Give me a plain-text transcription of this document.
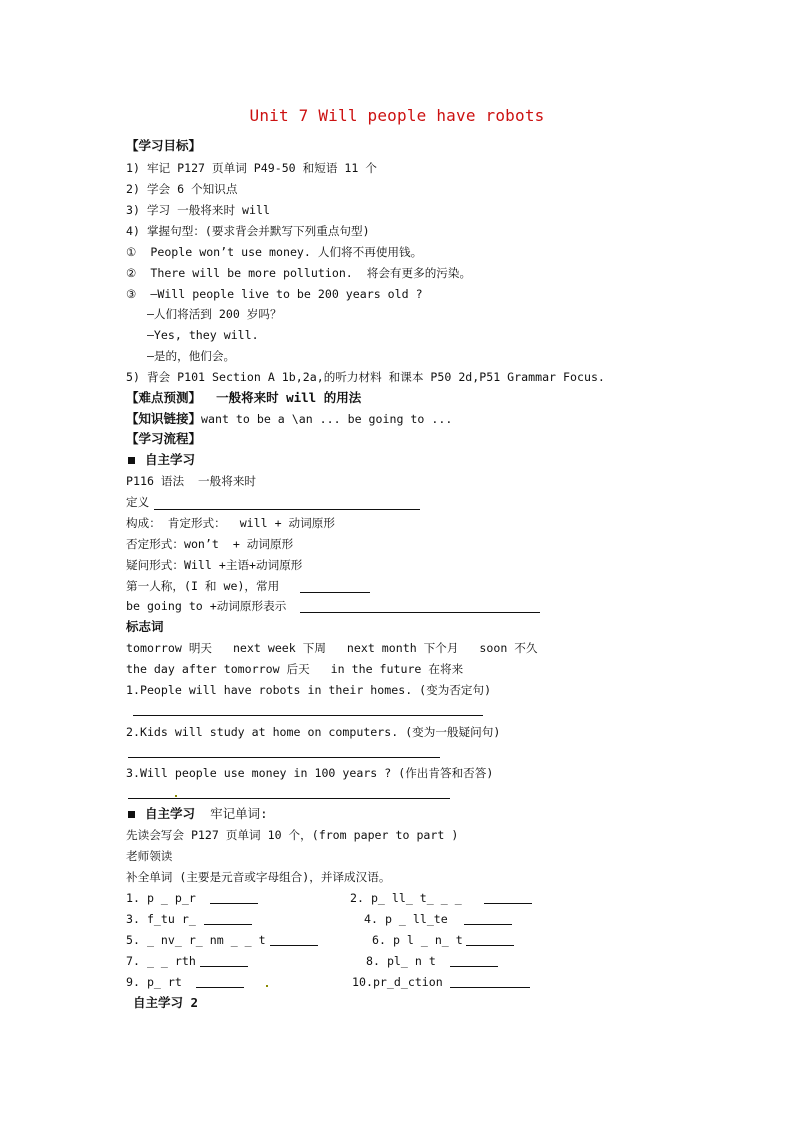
Unit 7 Will people have robots
【学习目标】
1) 牢记 P127 页单词 P49-50 和短语 11 个
2) 学会 6 个知识点
3) 学习 一般将来时 will
4) 掌握句型：(要求背会并默写下列重点句型)
①  People won’t use money. 人们将不再使用钱。
②  There will be more pollution.  将会有更多的污染。
③  —Will people live to be 200 years old ?
—人们将活到 200 岁吗？
—Yes, they will.
—是的，他们会。
5) 背会 P101 Section A 1b,2a,的听力材料 和课本 P50 2d,P51 Grammar Focus.
【难点预测】  一般将来时 will 的用法
【知识链接】want to be a \an ... be going to ...
【学习流程】
自主学习
P116 语法  一般将来时
定义
构成： 肯定形式：  will + 动词原形
否定形式：won’t  + 动词原形
疑问形式：Will +主语+动词原形
第一人称，(I 和 we)，常用
be going to +动词原形表示
标志词
tomorrow 明天   next week 下周   next month 下个月   soon 不久
the day after tomorrow 后天   in the future 在将来
1.People will have robots in their homes. (变为否定句)
2.Kids will study at home on computers. (变为一般疑问句)
3.Will people use money in 100 years ? (作出肯答和否答)
自主学习  牢记单词:
先读会写会 P127 页单词 10 个，(from paper to part )
老师领读
补全单词 (主要是元音或字母组合)，并译成汉语。
1. p _ p_r	2. p_ ll_ t_ _ _
3. f_tu r_	4. p _ ll_te
5. _ nv_ r_ nm _ _ t	6. p l _ n_ t
7. _ _ rth	8. pl_ n t
9. p_ rt	10.pr_d_ction
自主学习 2
